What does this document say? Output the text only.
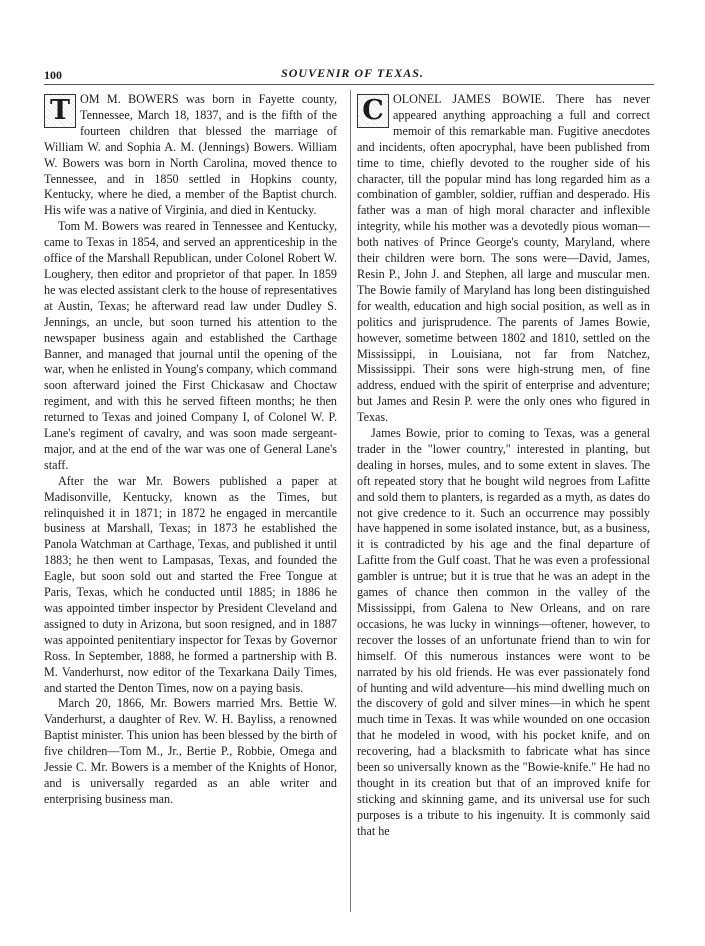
100	SOUVENIR OF TEXAS.

T OM M. BOWERS was born in Fayette county, Tennessee, March 18, 1837, and is the fifth of the fourteen children that blessed the marriage of William W. and Sophia A. M. (Jennings) Bowers. William W. Bowers was born in North Carolina, moved thence to Tennessee, and in 1850 settled in Hopkins county, Kentucky, where he died, a member of the Baptist church. His wife was a native of Virginia, and died in Kentucky.

Tom M. Bowers was reared in Tennessee and Kentucky, came to Texas in 1854, and served an apprenticeship in the office of the Marshall Republican, under Colonel Robert W. Loughery, then editor and proprietor of that paper. In 1859 he was elected assistant clerk to the house of representatives at Austin, Texas; he afterward read law under Dudley S. Jennings, an uncle, but soon turned his attention to the newspaper business again and established the Carthage Banner, and managed that journal until the opening of the war, when he enlisted in Young's company, which command soon afterward joined the First Chickasaw and Choctaw regiment, and with this he served fifteen months; he then returned to Texas and joined Company I, of Colonel W. P. Lane's regiment of cavalry, and was soon made sergeant-major, and at the end of the war was one of General Lane's staff.

After the war Mr. Bowers published a paper at Madisonville, Kentucky, known as the Times, but relinquished it in 1871; in 1872 he engaged in mercantile business at Marshall, Texas; in 1873 he established the Panola Watchman at Carthage, Texas, and published it until 1883; he then went to Lampasas, Texas, and founded the Eagle, but soon sold out and started the Free Tongue at Paris, Texas, which he conducted until 1885; in 1886 he was appointed timber inspector by President Cleveland and assigned to duty in Arizona, but soon resigned, and in 1887 was appointed penitentiary inspector for Texas by Governor Ross. In September, 1888, he formed a partnership with B. M. Vanderhurst, now editor of the Texarkana Daily Times, and started the Denton Times, now on a paying basis.

March 20, 1866, Mr. Bowers married Mrs. Bettie W. Vanderhurst, a daughter of Rev. W. H. Bayliss, a renowned Baptist minister. This union has been blessed by the birth of five children—Tom M., Jr., Bertie P., Robbie, Omega and Jessie C. Mr. Bowers is a member of the Knights of Honor, and is universally regarded as an able writer and enterprising business man.

C OLONEL JAMES BOWIE. There has never appeared anything approaching a full and correct memoir of this remarkable man. Fugitive anecdotes and incidents, often apocryphal, have been published from time to time, chiefly devoted to the rougher side of his character, till the popular mind has long regarded him as a combination of gambler, soldier, ruffian and desperado. His father was a man of high moral character and inflexible integrity, while his mother was a devotedly pious woman—both natives of Prince George's county, Maryland, where their children were born. The sons were—David, James, Resin P., John J. and Stephen, all large and muscular men. The Bowie family of Maryland has long been distinguished for wealth, education and high social position, as well as in politics and jurisprudence. The parents of James Bowie, however, sometime between 1802 and 1810, settled on the Mississippi, in Louisiana, not far from Natchez, Mississippi. Their sons were high-strung men, of fine address, endued with the spirit of enterprise and adventure; but James and Resin P. were the only ones who figured in Texas.

James Bowie, prior to coming to Texas, was a general trader in the "lower country," interested in planting, but dealing in horses, mules, and to some extent in slaves. The oft repeated story that he bought wild negroes from Lafitte and sold them to planters, is regarded as a myth, as dates do not give credence to it. Such an occurrence may possibly have happened in some isolated instance, but, as a business, it is contradicted by his age and the final departure of Lafitte from the Gulf coast. That he was even a professional gambler is untrue; but it is true that he was an adept in the games of chance then common in the valley of the Mississippi, from Galena to New Orleans, and on rare occasions, he was lucky in winnings—oftener, however, to recover the losses of an unfortunate friend than to win for himself. Of this numerous instances were wont to be narrated by his old friends. He was ever passionately fond of hunting and wild adventure—his mind dwelling much on the discovery of gold and silver mines—in which he spent much time in Texas. It was while wounded on one occasion that he modeled in wood, with his pocket knife, and on recovering, had a blacksmith to fabricate what has since been so universally known as the "Bowie-knife." He had no thought in its creation but that of an improved knife for sticking and skinning game, and its universal use for such purposes is a tribute to his ingenuity. It is commonly said that he
